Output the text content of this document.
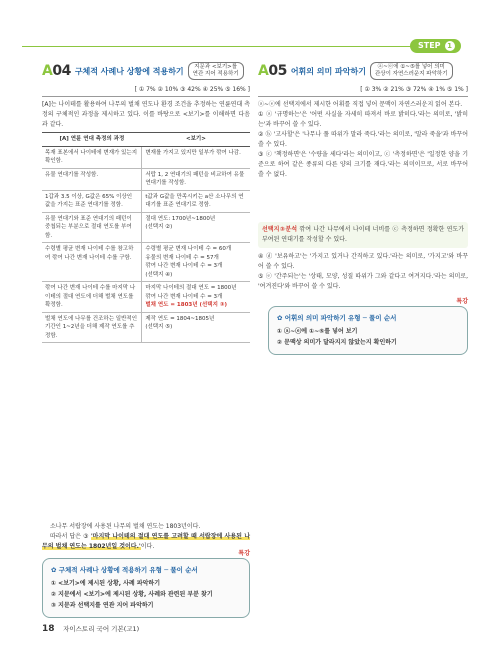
STEP 1
A04 구체적 사례나 상황에 적용하기	지문과 <보기>를
연관 지어 적용하기
[ ① 7% ② 10% ③ 42% ④ 25% ⑤ 16% ]

[A]는 나이테를 활용하여 나무의 벌채 연도나 환경 조건을 추정하는 연륜연대 측정의 구체적인 과정을 제시하고 있다. 이를 바탕으로 <보기>를 이해하면 다음과 같다.

[A] 연륜 연대 측정의 과정	<보기>
목재 표본에서 나이테에 변재가 있는지 확인함.	변재를 가지고 있지만 일부가 깎여 나감.
유물 연대기를 작성함.	서랍 1, 2 연대기의 패턴을 비교하여 유물 연대기를 작성함.
1갑과 3.5 이상, G값은 65% 이상인 값을 가지는 표준 연대기를 정함.	t값과 G값을 만족시키는 a산 소나무의 연대기를 표준 연대기로 정함.
유물 연대기와 표준 연대기의 패턴이 중첩되는 부분으로 절대 연도를 부여함.	절대 연도: 1700년~1800년
(선택지 ②)
수령별 평균 변재 나이테 수를 참고하여 깎여 나간 변재 나이테 수를 구함.	수령별 평균 변재 나이테 수 = 60개
유물의 변재 나이테 수 = 57개
깎여 나간 변재 나이테 수 = 3개
(선택지 ④)
깎여 나간 변재 나이테 수를 마지막 나이테의 절대 연도에 더해 벌채 연도를 확정함.	마지막 나이테의 절대 연도 = 1800년
깎여 나간 변재 나이테 수 = 3개
벌채 연도 = 1803년 (선택지 ③)

벌채 연도에 나무를 건조하는 일반적인 기간인 1~2년을 더해 제작 연도를 추정함.	제작 연도 = 1804~1805년
(선택지 ⑤)

소나무 서랍장에 사용된 나무의 벌채 연도는 1803년이다.

따라서 답은 ③ '마지막 나이테의 절대 연도를 고려할 때 서랍장에 사용된 나무의 벌채 연도는 1802년일 것이다.'이다.

특강
✿ 구체적 사례나 상황에 적용하기 유형 ─ 풀이 순서
① <보기>에 제시된 상황, 사례 파악하기
② 지문에서 <보기>에 제시된 상황, 사례와 관련된 부분 찾기
③ 지문과 선택지를 연관 지어 파악하기
A05 어휘의 의미 파악하기	ⓐ~ⓔ에 ①~⑤를 넣어 의미
관상이 자연스러운지 파악하기
[ ① 3% ② 21% ③ 72% ④ 1% ⑤ 1% ]

ⓐ~ⓔ에 선택지에서 제시한 어휘를 직접 넣어 문맥이 자연스러운지 읽어 본다.

① ⓐ '규명하는'은 '어떤 사실을 자세히 따져서 바로 밝히다.'라는 의미로, '밝히는'과 바꾸어 쓸 수 있다.

② ⓑ '고사할'은 '나무나 풀 따위가 말라 죽다.'라는 의미로, '말라 죽을'과 바꾸어 쓸 수 있다.

③ ⓒ '책정하면'은 '수량을 세다'라는 의미이고, ⓒ '측정하면'은 '일정한 양을 기준으로 하여 같은 종류의 다른 양의 크기를 재다.'라는 의미이므로, 서로 바꾸어 쓸 수 없다.

선택지③분석 깎여 나간 나무에서 나이테 너비를 ⓒ 측정하면 정확한 연도가 부여된 연대기를 작성할 수 있다.

④ ⓓ '보유하고'는 '가지고 있거나 간직하고 있다.'라는 의미로, '가지고'와 바꾸어 쓸 수 있다.

⑤ ⓔ '간주되는'는 '상태, 모양, 성질 따위가 그와 같다고 여겨지다.'라는 의미로, '여겨진다'와 바꾸어 쓸 수 있다.

특강
✿ 어휘의 의미 파악하기 유형 ─ 풀이 순서
① ⓐ~ⓔ에 ①~⑤를 넣어 보기
② 문맥상 의미가 달라지지 않았는지 확인하기
18 자이스토리 국어 기본(고1)
